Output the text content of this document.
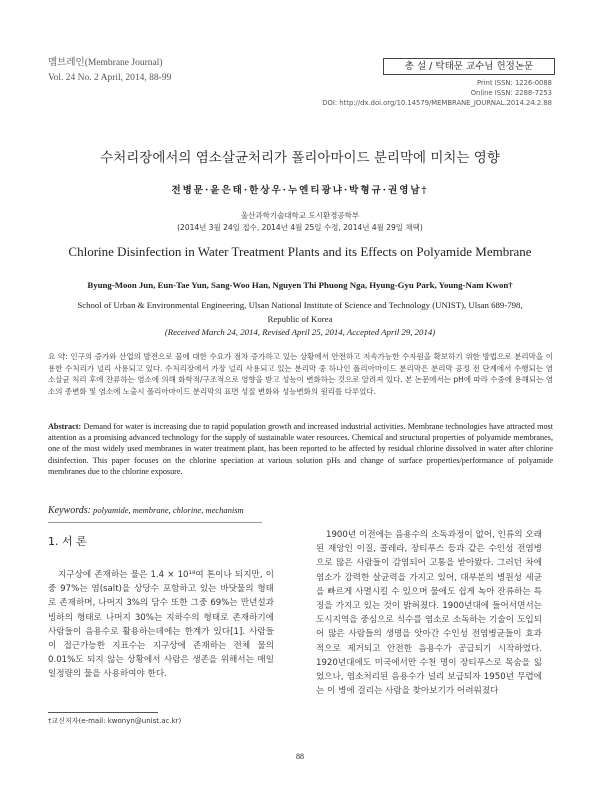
멤브레인(Membrane Journal)
Vol. 24 No. 2 April, 2014, 88-99
총 설 / 탁태문 교수님 헌정논문
Print ISSN: 1226-0088
Online ISSN: 2288-7253
DOI: http://dx.doi.org/10.14579/MEMBRANE_JOURNAL.2014.24.2.88
수처리장에서의 염소살균처리가 폴리아마이드 분리막에 미치는 영향
전병문·윤은태·한상우·누엔티광냐·박형규·권영남†
울산과학기술대학교 도시환경공학부
(2014년 3월 24일 접수, 2014년 4월 25일 수정, 2014년 4월 29일 채택)
Chlorine Disinfection in Water Treatment Plants and its Effects on Polyamide Membrane
Byung-Moon Jun, Eun-Tae Yun, Sang-Woo Han, Nguyen Thi Phuong Nga, Hyung-Gyu Park, Young-Nam Kwon†
School of Urban & Environmental Engineering, Ulsan National Institute of Science and Technology (UNIST), Ulsan 689-798, Republic of Korea
(Received March 24, 2014, Revised April 25, 2014, Accepted April 29, 2014)
요 약: 인구의 증가와 산업의 발전으로 물에 대한 수요가 점차 증가하고 있는 상황에서 안전하고 지속가능한 수자원을 확보하기 위한 방법으로 분리막을 이용한 수처리가 널리 사용되고 있다. 수처리장에서 가장 널리 사용되고 있는 분리막 중 하나인 폴리아마이드 분리막은 분리막 공정 전 단계에서 수행되는 염소살균 처리 후에 잔류하는 염소에 의해 화학적/구조적으로 영향을 받고 성능이 변화하는 것으로 알려져 있다. 본 논문에서는 pH에 따라 수중에 용해되는 염소의 종변화 및 염소에 노출시 폴리아마이드 분리막의 표면 성질 변화와 성능변화의 원리를 다루었다.
Abstract: Demand for water is increasing due to rapid population growth and increased industrial activities. Membrane technologies have attracted most attention as a promising advanced technology for the supply of sustainable water resources. Chemical and structural properties of polyamide membranes, one of the most widely used membranes in water treatment plant, has been reported to be affected by residual chlorine dissolved in water after chlorine disinfection. This paper focuses on the chlorine speciation at various solution pHs and change of surface properties/performance of polyamide membranes due to the chlorine exposure.
Keywords: polyamide, membrane, chlorine, mechanism
1. 서 론

지구상에 존재하는 물은 1.4 × 10¹⁸여 톤이나 되지만, 이 중 97%는 염(salt)을 상당수 포함하고 있는 바닷물의 형태로 존재하며, 나머지 3%의 담수 또한 그중 69%는 만년설과 빙하의 형태로 나머지 30%는 지하수의 형태로 존재하기에 사람들이 음용수로 활용하는데에는 한계가 있다[1]. 사람들이 접근가능한 지표수는 지구상에 존재하는 전체 물의 0.01%도 되지 않는 상황에서 사람은 생존을 위해서는 매일 일정량의 물을 사용하여야 한다.

1900년 이전에는 음용수의 소독과정이 없어, 인류의 오래된 재앙인 이질, 콜레라, 장티푸스 등과 같은 수인성 전염병으로 많은 사람들이 감염되어 고통을 받아왔다. 그러던 차에 염소가 강력한 살균력을 가지고 있어, 대부분의 병원성 세균을 빠르게 사멸시킬 수 있으며 물에도 쉽게 녹아 잔류하는 특징을 가지고 있는 것이 밝혀졌다. 1900년대에 들어서면서는 도시지역을 중심으로 식수를 염소로 소독하는 기술이 도입되어 많은 사람들의 생명을 앗아간 수인성 전염병균들이 효과적으로 제거되고 안전한 음용수가 공급되기 시작하였다. 1920년대에도 미국에서만 수천 명이 장티푸스로 목숨을 잃었으나, 염소처리된 음용수가 널리 보급되자 1950년 무렵에는 이 병에 걸리는 사람을 찾아보기가 어려워졌다

†교신저자(e-mail: kwonyn@unist.ac.kr)
88
